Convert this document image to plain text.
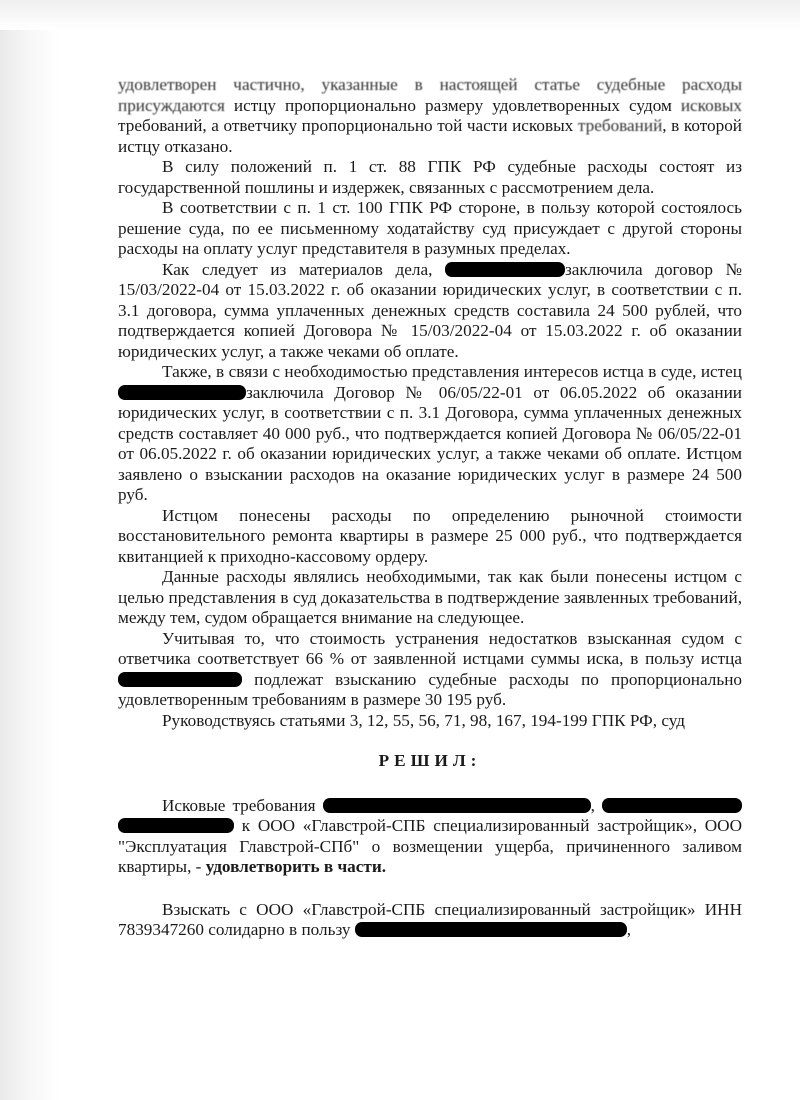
удовлетворен частично, указанные в настоящей статье судебные расходы присуждаются истцу пропорционально размеру удовлетворенных судом исковых требований, а ответчику пропорционально той части исковых требований, в которой истцу отказано.

В силу положений п. 1 ст. 88 ГПК РФ судебные расходы состоят из государственной пошлины и издержек, связанных с рассмотрением дела.

В соответствии с п. 1 ст. 100 ГПК РФ стороне, в пользу которой состоялось решение суда, по ее письменному ходатайству суд присуждает с другой стороны расходы на оплату услуг представителя в разумных пределах.

Как следует из материалов дела,	заключила договор № 15/03/2022-04 от 15.03.2022 г. об оказании юридических услуг, в соответствии с п. 3.1 договора, сумма уплаченных денежных средств составила 24 500 рублей, что подтверждается копией Договора № 15/03/2022-04 от 15.03.2022 г. об оказании юридических услуг, а также чеками об оплате.

Также, в связи с необходимостью представления интересов истца в суде, истец заключила Договор № 06/05/22-01 от 06.05.2022 об оказании юридических услуг, в соответствии с п. 3.1 Договора, сумма уплаченных денежных средств составляет 40 000 руб., что подтверждается копией Договора № 06/05/22-01 от 06.05.2022 г. об оказании юридических услуг, а также чеками об оплате. Истцом заявлено о взыскании расходов на оказание юридических услуг в размере 24 500 руб.

Истцом понесены расходы по определению рыночной стоимости восстановительного ремонта квартиры в размере 25 000 руб., что подтверждается квитанцией к приходно-кассовому ордеру.

Данные расходы являлись необходимыми, так как были понесены истцом с целью представления в суд доказательства в подтверждение заявленных требований, между тем, судом обращается внимание на следующее.

Учитывая то, что стоимость устранения недостатков взысканная судом с ответчика соответствует 66 % от заявленной истцами суммы иска, в пользу истца  подлежат взысканию судебные расходы по пропорционально удовлетворенным требованиям в размере 30 195 руб.

Руководствуясь статьями 3, 12, 55, 56, 71, 98, 167, 194-199 ГПК РФ, суд

РЕШИЛ:

Исковые требования	,   к ООО «Главстрой-СПБ специализированный застройщик», ООО "Эксплуатация Главстрой-СПб" о возмещении ущерба, причиненного заливом квартиры, - удовлетворить в части.

Взыскать с ООО «Главстрой-СПБ специализированный застройщик» ИНН 7839347260 солидарно в пользу	,
